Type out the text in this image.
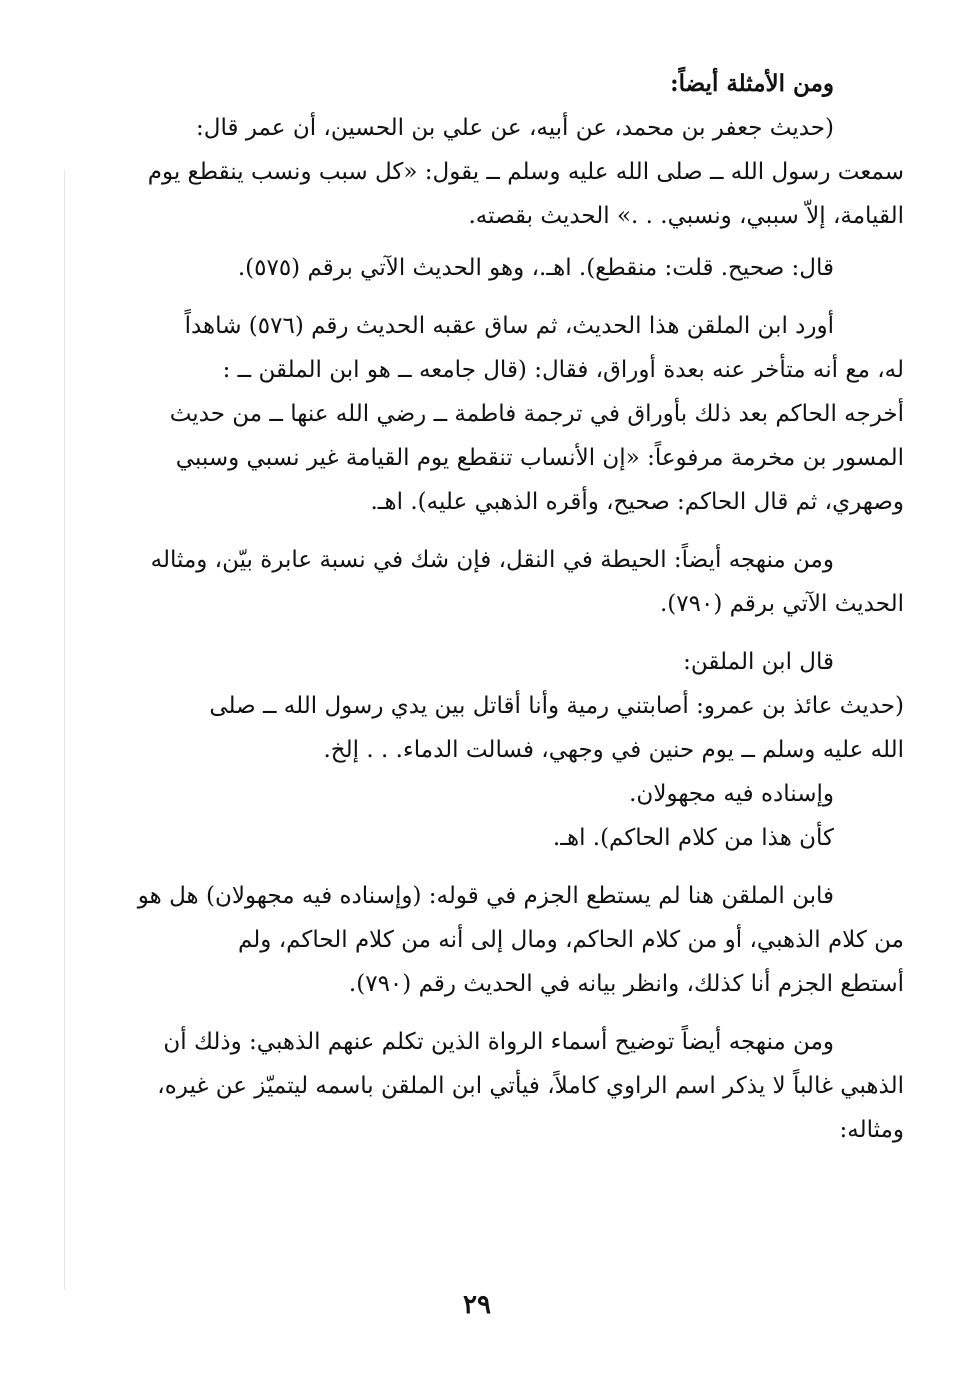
ومن الأمثلة أيضاً:
(حديث جعفر بن محمد، عن أبيه، عن علي بن الحسين، أن عمر قال:
سمعت رسول الله ــ صلى الله عليه وسلم ــ يقول: «كل سبب ونسب ينقطع يوم
القيامة، إلاّ سببي، ونسبي. . .» الحديث بقصته.
قال: صحيح. قلت: منقطع). اهـ.، وهو الحديث الآتي برقم (٥٧٥).
أورد ابن الملقن هذا الحديث، ثم ساق عقبه الحديث رقم (٥٧٦) شاهداً
له، مع أنه متأخر عنه بعدة أوراق، فقال: (قال جامعه ــ هو ابن الملقن ــ :
أخرجه الحاكم بعد ذلك بأوراق في ترجمة فاطمة ــ رضي الله عنها ــ من حديث
المسور بن مخرمة مرفوعاً: «إن الأنساب تنقطع يوم القيامة غير نسبي وسببي
وصهري، ثم قال الحاكم: صحيح، وأقره الذهبي عليه). اهـ.
ومن منهجه أيضاً: الحيطة في النقل، فإن شك في نسبة عابرة بيّن، ومثاله
الحديث الآتي برقم (٧٩٠).
قال ابن الملقن:
(حديث عائذ بن عمرو: أصابتني رمية وأنا أقاتل بين يدي رسول الله ــ صلى
الله عليه وسلم ــ يوم حنين في وجهي، فسالت الدماء. . . إلخ.
وإسناده فيه مجهولان.
كأن هذا من كلام الحاكم). اهـ.
فابن الملقن هنا لم يستطع الجزم في قوله: (وإسناده فيه مجهولان) هل هو
من كلام الذهبي، أو من كلام الحاكم، ومال إلى أنه من كلام الحاكم، ولم
أستطع الجزم أنا كذلك، وانظر بيانه في الحديث رقم (٧٩٠).
ومن منهجه أيضاً توضيح أسماء الرواة الذين تكلم عنهم الذهبي: وذلك أن
الذهبي غالباً لا يذكر اسم الراوي كاملاً، فيأتي ابن الملقن باسمه ليتميّز عن غيره،
ومثاله:
٢٩
